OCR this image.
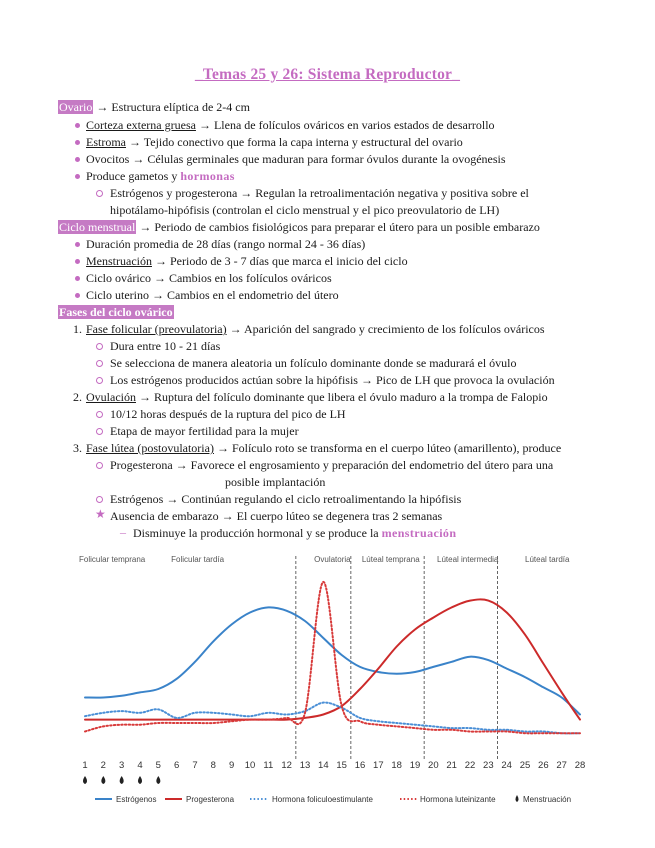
_Temas 25 y 26: Sistema Reproductor_
Ovario → Estructura elíptica de 2-4 cm
Corteza externa gruesa → Llena de folículos ováricos en varios estados de desarrollo
Estroma → Tejido conectivo que forma la capa interna y estructural del ovario
Ovocitos → Células germinales que maduran para formar óvulos durante la ovogénesis
Produce gametos y hormonas
Estrógenos y progesterona → Regulan la retroalimentación negativa y positiva sobre el
hipotálamo-hipófisis (controlan el ciclo menstrual y el pico preovulatorio de LH)
Ciclo menstrual → Periodo de cambios fisiológicos para preparar el útero para un posible embarazo
Duración promedia de 28 días (rango normal 24 - 36 días)
Menstruación → Periodo de 3 - 7 días que marca el inicio del ciclo
Ciclo ovárico → Cambios en los folículos ováricos
Ciclo uterino → Cambios en el endometrio del útero
Fases del ciclo ovárico
1. Fase folicular (preovulatoria) → Aparición del sangrado y crecimiento de los folículos ováricos
Dura entre 10 - 21 días
Se selecciona de manera aleatoria un folículo dominante donde se madurará el óvulo
Los estrógenos producidos actúan sobre la hipófisis → Pico de LH que provoca la ovulación
2. Ovulación → Ruptura del folículo dominante que libera el óvulo maduro a la trompa de Falopio
10/12 horas después de la ruptura del pico de LH
Etapa de mayor fertilidad para la mujer
3. Fase lútea (postovulatoria) → Folículo roto se transforma en el cuerpo lúteo (amarillento), produce
Progesterona → Favorece el engrosamiento y preparación del endometrio del útero para una
posible implantación
Estrógenos → Continúan regulando el ciclo retroalimentando la hipófisis
★ Ausencia de embarazo → El cuerpo lúteo se degenera tras 2 semanas
– Disminuye la producción hormonal y se produce la menstruación
Folicular temprana	Folicular tardía	Ovulatoria Lúteal temprana Lúteal intermedia	Lúteal tardía
1 2 3 4 5 6 7 8 9 10 11 12 13 14 15 16 17 18 19 20 21 22 23 24 25 26 27 28
Estrógenos	Progesterona	Hormona foliculoestimulante	Hormona luteinizante	Menstruación
